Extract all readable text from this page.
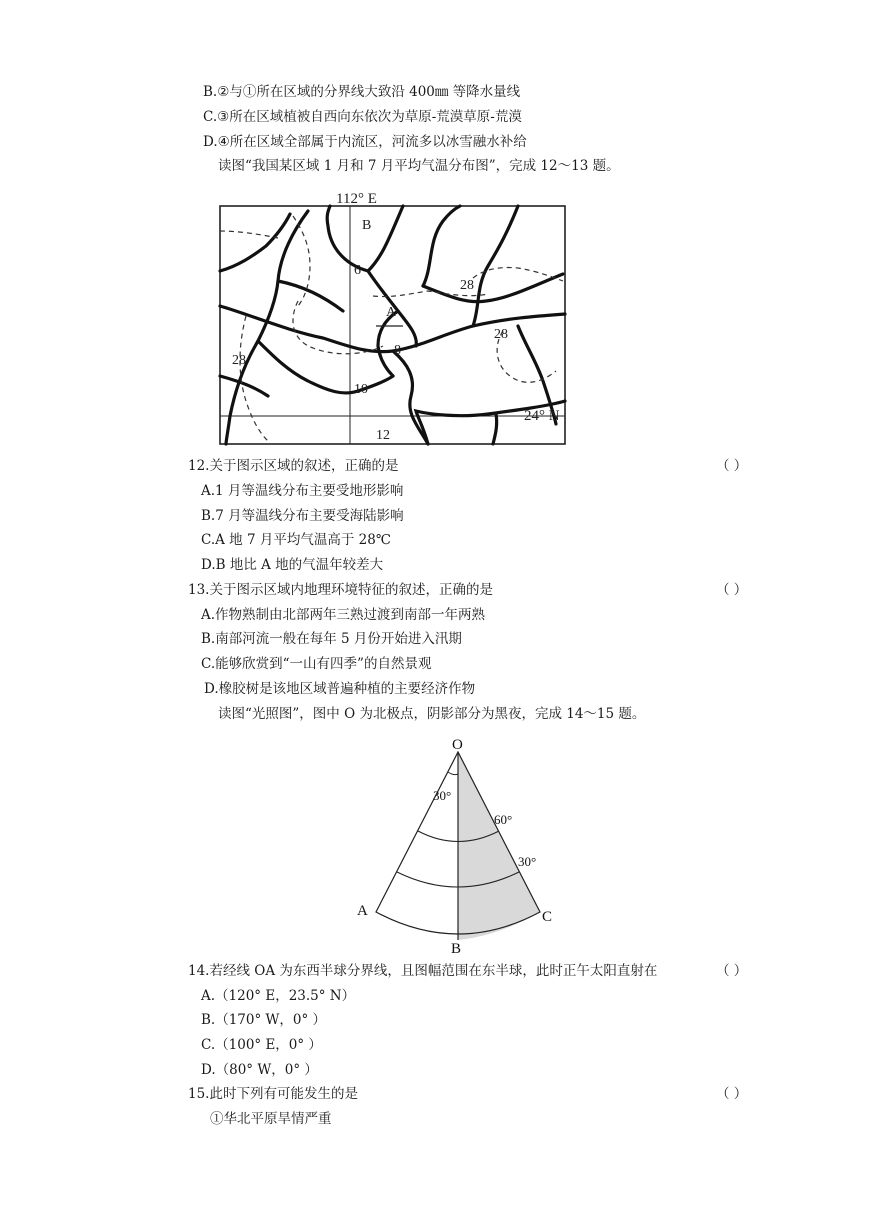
B.②与①所在区域的分界线大致沿 400㎜ 等降水量线
C.③所在区域植被自西向东依次为草原-荒漠草原-荒漠
D.④所在区域全部属于内流区，河流多以冰雪融水补给
读图“我国某区域 1 月和 7 月平均气温分布图”，完成 12～13 题。
112° E
B
6
28
A
8
28
28
10
24° N
12
12.关于图示区域的叙述，正确的是	（ ）
A.1 月等温线分布主要受地形影响
B.7 月等温线分布主要受海陆影响
C.A 地 7 月平均气温高于 28℃
D.B 地比 A 地的气温年较差大
13.关于图示区域内地理环境特征的叙述，正确的是	（ ）
A.作物熟制由北部两年三熟过渡到南部一年两熟
B.南部河流一般在每年 5 月份开始进入汛期
C.能够欣赏到“一山有四季”的自然景观
D.橡胶树是该地区域普遍种植的主要经济作物
读图“光照图”，图中 O 为北极点，阴影部分为黑夜，完成 14～15 题。
O
30°
60°
30°
A	C
B
14.若经线 OA 为东西半球分界线，且图幅范围在东半球，此时正午太阳直射在	（ ）
A.（120° E，23.5° N）
B.（170° W，0° ）
C.（100° E，0° ）
D.（80° W，0° ）
15.此时下列有可能发生的是	（ ）
①华北平原旱情严重
